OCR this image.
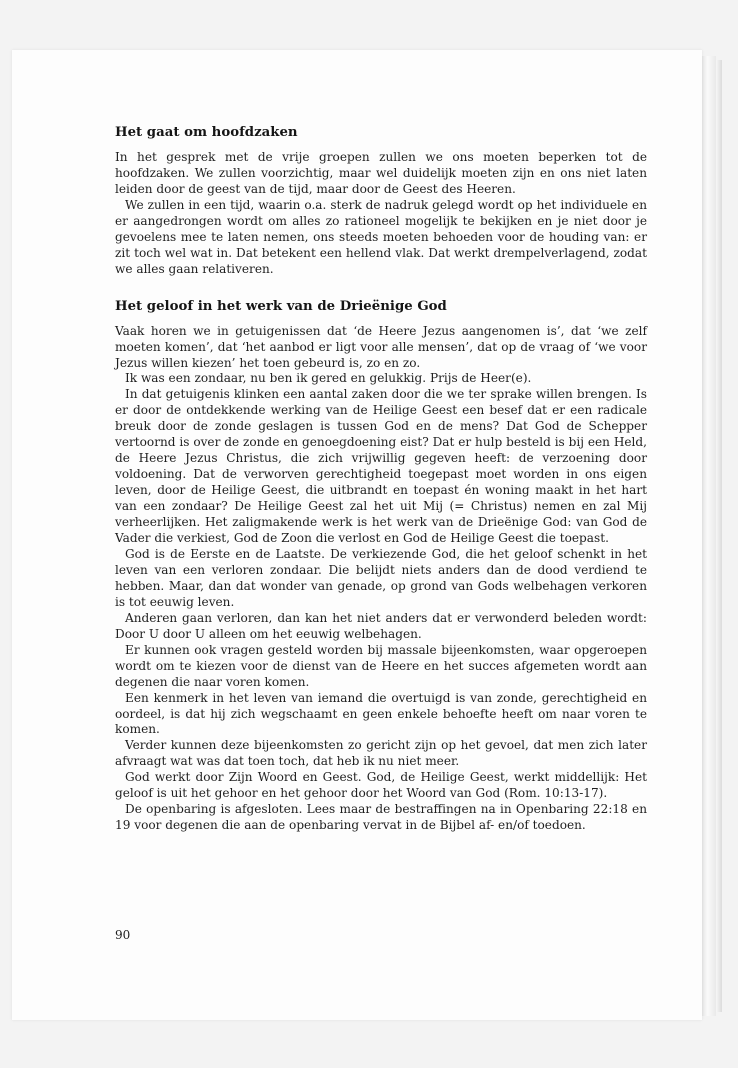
Het gaat om hoofdzaken

In het gesprek met de vrije groepen zullen we ons moeten beperken tot de hoofdzaken. We zullen voorzichtig, maar wel duidelijk moeten zijn en ons niet laten leiden door de geest van de tijd, maar door de Geest des Heeren.

We zullen in een tijd, waarin o.a. sterk de nadruk gelegd wordt op het individuele en er aangedrongen wordt om alles zo rationeel mogelijk te bekijken en je niet door je gevoelens mee te laten nemen, ons steeds moeten behoeden voor de houding van: er zit toch wel wat in. Dat betekent een hellend vlak. Dat werkt drempelverlagend, zodat we alles gaan relativeren.

Het geloof in het werk van de Drieënige God

Vaak horen we in getuigenissen dat ‘de Heere Jezus aangenomen is’, dat ‘we zelf moeten komen’, dat ‘het aanbod er ligt voor alle mensen’, dat op de vraag of ‘we voor Jezus willen kiezen’ het toen gebeurd is, zo en zo.

Ik was een zondaar, nu ben ik gered en gelukkig. Prijs de Heer(e).

In dat getuigenis klinken een aantal zaken door die we ter sprake willen brengen. Is er door de ontdekkende werking van de Heilige Geest een besef dat er een radicale breuk door de zonde geslagen is tussen God en de mens? Dat God de Schepper vertoornd is over de zonde en genoegdoening eist? Dat er hulp besteld is bij een Held, de Heere Jezus Christus, die zich vrijwillig gegeven heeft: de verzoening door voldoening. Dat de verworven gerechtigheid toegepast moet worden in ons eigen leven, door de Heilige Geest, die uitbrandt en toepast én woning maakt in het hart van een zondaar? De Heilige Geest zal het uit Mij (= Christus) nemen en zal Mij verheerlijken. Het zaligmakende werk is het werk van de Drieënige God: van God de Vader die verkiest, God de Zoon die verlost en God de Heilige Geest die toepast.

God is de Eerste en de Laatste. De verkiezende God, die het geloof schenkt in het leven van een verloren zondaar. Die belijdt niets anders dan de dood verdiend te hebben. Maar, dan dat wonder van genade, op grond van Gods welbehagen verkoren is tot eeuwig leven.

Anderen gaan verloren, dan kan het niet anders dat er verwonderd beleden wordt: Door U door U alleen om het eeuwig welbehagen.

Er kunnen ook vragen gesteld worden bij massale bijeenkomsten, waar opgeroepen wordt om te kiezen voor de dienst van de Heere en het succes afgemeten wordt aan degenen die naar voren komen.

Een kenmerk in het leven van iemand die overtuigd is van zonde, gerechtigheid en oordeel, is dat hij zich wegschaamt en geen enkele behoefte heeft om naar voren te komen.

Verder kunnen deze bijeenkomsten zo gericht zijn op het gevoel, dat men zich later afvraagt wat was dat toen toch, dat heb ik nu niet meer.

God werkt door Zijn Woord en Geest. God, de Heilige Geest, werkt middellijk: Het geloof is uit het gehoor en het gehoor door het Woord van God (Rom. 10:13-17).

De openbaring is afgesloten. Lees maar de bestraffingen na in Openbaring 22:18 en 19 voor degenen die aan de openbaring vervat in de Bijbel af- en/of toedoen.

90
